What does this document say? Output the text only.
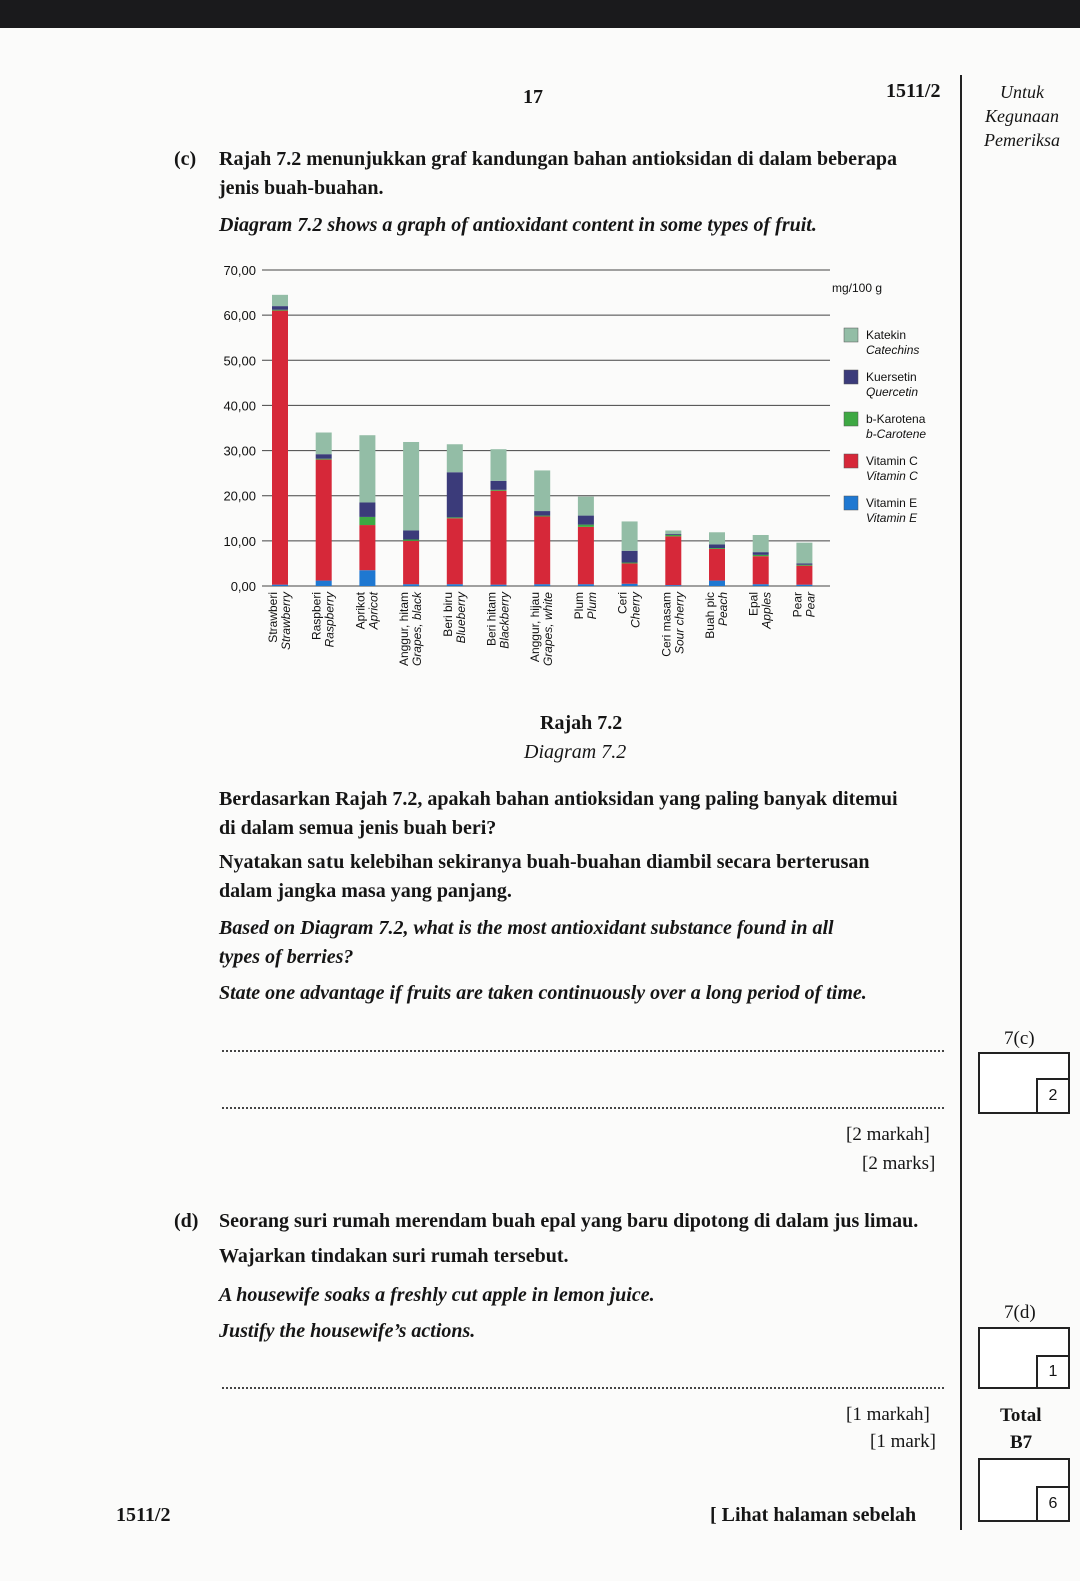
17	1511/2	Untuk
Kegunaan
Pemeriksa
(c) Rajah 7.2 menunjukkan graf kandungan bahan antioksidan di dalam beberapa
jenis buah-buahan.
Diagram 7.2 shows a graph of antioxidant content in some types of fruit.
0,00
10,00
20,00
30,00
40,00
50,00
60,00
70,00
mg/100 g
Strawberi Strawberry Raspberi Raspberry Aprikot Apricot Anggur, hitam Grapes, black Beri biru Blueberry Beri hitam Blackberry Anggur, hijau Grapes, white Plum Plum Ceri Cherry Ceri masam Sour cherry Buah pic Peach Epal Apples Pear Pear
Katekin
Catechins
Kuersetin
Quercetin
b-Karotena
b-Carotene
Vitamin C
Vitamin C
Vitamin E
Vitamin E
Rajah 7.2
Diagram 7.2
Berdasarkan Rajah 7.2, apakah bahan antioksidan yang paling banyak ditemui
di dalam semua jenis buah beri?
Nyatakan satu kelebihan sekiranya buah-buahan diambil secara berterusan
dalam jangka masa yang panjang.
Based on Diagram 7.2, what is the most antioxidant substance found in all
types of berries?
State one advantage if fruits are taken continuously over a long period of time.
[2 markah]
[2 marks]
7(c)
2
(d) Seorang suri rumah merendam buah epal yang baru dipotong di dalam jus limau.
Wajarkan tindakan suri rumah tersebut.
A housewife soaks a freshly cut apple in lemon juice.
Justify the housewife’s actions.
[1 markah]
[1 mark]
7(d)
1
Total
B7
6
1511/2	[ Lihat halaman sebelah
